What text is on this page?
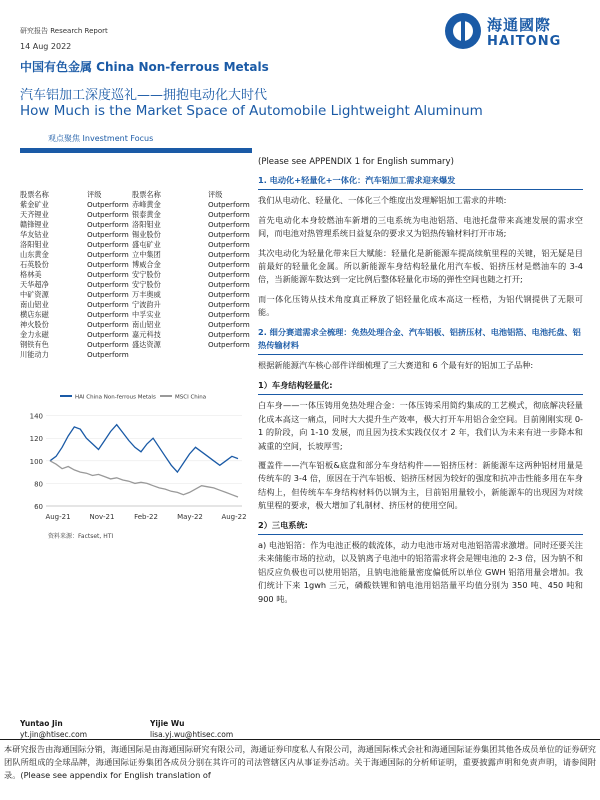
研究报告 Research Report
14 Aug 2022
中国有色金属 China Non-ferrous Metals
汽车铝加工深度巡礼——拥抱电动化大时代
How Much is the Market Space of Automobile Lightweight Aluminum
观点聚焦 Investment Focus
海通國際
HAITONG
(Please see APPENDIX 1 for English summary)
股票名称	评级	股票名称	评级
紫金矿业	Outperform 赤峰黄金	Outperform
天齐锂业	Outperform 银泰黄金	Outperform
赣锋锂业	Outperform 洛阳钼业	Outperform
华友钴业	Outperform 锡业股份	Outperform
洛阳钼业	Outperform 盛屯矿业	Outperform
山东黄金	Outperform 立中集团	Outperform
石英股份	Outperform 博威合金	Outperform
格林美	Outperform 安宁股份	Outperform
天华超净	Outperform 安宁股份	Outperform
中矿资源	Outperform 万丰奥威	Outperform
南山铝业	Outperform 宁波韵升	Outperform
横店东磁	Outperform 中孚实业	Outperform
神火股份	Outperform 南山铝业	Outperform
金力永磁	Outperform 嘉元科技	Outperform
钢铁有色	Outperform 盛达资源	Outperform
川能动力	Outperform
HAI China Non-ferrous Metals	MSCI China
60
80
100
120
140
Aug-21	Nov-21	Feb-22	May-22	Aug-22
资料来源：Factset, HTI
1. 电动化+轻量化+一体化：汽车铝加工需求迎来爆发

我们从电动化、轻量化、一体化三个维度出发理解铝加工需求的井喷:

首先电动化本身较燃油车新增的三电系统为电池铝箔、电池托盘带来高速发展的需求空间，而电池对热管理系统日益复杂的要求又为铝热传输材料打开市场;

其次电动化为轻量化带来巨大赋能：轻量化是新能源车提高续航里程的关键，铝无疑是目前最好的轻量化金属。所以新能源车身结构轻量化用汽车板、铝挤压材是燃油车的 3-4 倍，当新能源车数达到一定比例后整体轻量化市场的弹性空间也随之打开;

而一体化压铸从技术角度真正释放了铝轻量化成本高这一桎梏，为铝代钢提供了无限可能。

2. 细分赛道需求全梳理：免热处理合金、汽车铝板、铝挤压材、电池铝箔、电池托盘、铝热传输材料

根据新能源汽车核心部件详细梳理了三大赛道和 6 个最有好的铝加工子品种:

1）车身结构轻量化:

白车身——一体压铸用免热处理合金：一体压铸采用简约集成的工艺模式，彻底解决轻量化成本高这一痛点，同时大大提升生产效率，极大打开车用铝合金空间。目前刚刚实现 0-1 的阶段，向 1-10 发展，而且因为技术实践仅仅才 2 年，我们认为未来有进一步降本和减重的空间，长坡厚雪;

覆盖件——汽车铝板&底盘和部分车身结构件——铝挤压材：新能源车这两种铝材用量是传统车的 3-4 倍，原因在于汽车铝板、铝挤压材因为较好的强度和抗冲击性能多用在车身结构上，但传统车车身结构材料仍以钢为主，目前铝用量较小，新能源车的出现因为对续航里程的要求，极大增加了轧制材、挤压材的使用空间。

2）三电系统:

a) 电池铝箔：作为电池正极的载流体，动力电池市场对电池铝箔需求激增。同时还要关注未来储能市场的拉动，以及钠离子电池中的铝箔需求将会是锂电池的 2-3 倍，因为钠不和铝反应负极也可以使用铝箔，且钠电池能量密度偏低所以单位 GWH 铝箔用量会增加。我们统计下来 1gwh 三元，磷酸铁锂和钠电池用铝箔量平均值分别为 350 吨、450 吨和 900 吨。

Yuntao Jin
yt.jin@htisec.com
Yijie Wu
lisa.yj.wu@htisec.com
本研究报告由海通国际分销，海通国际是由海通国际研究有限公司，海通证券印度私人有限公司，海通国际株式会社和海通国际证券集团其他各成员单位的证券研究团队所组成的全球品牌，海通国际证券集团各成员分别在其许可的司法管辖区内从事证券活动。关于海通国际的分析师证明，重要披露声明和免责声明，请参阅附录。(Please see appendix for English translation of
